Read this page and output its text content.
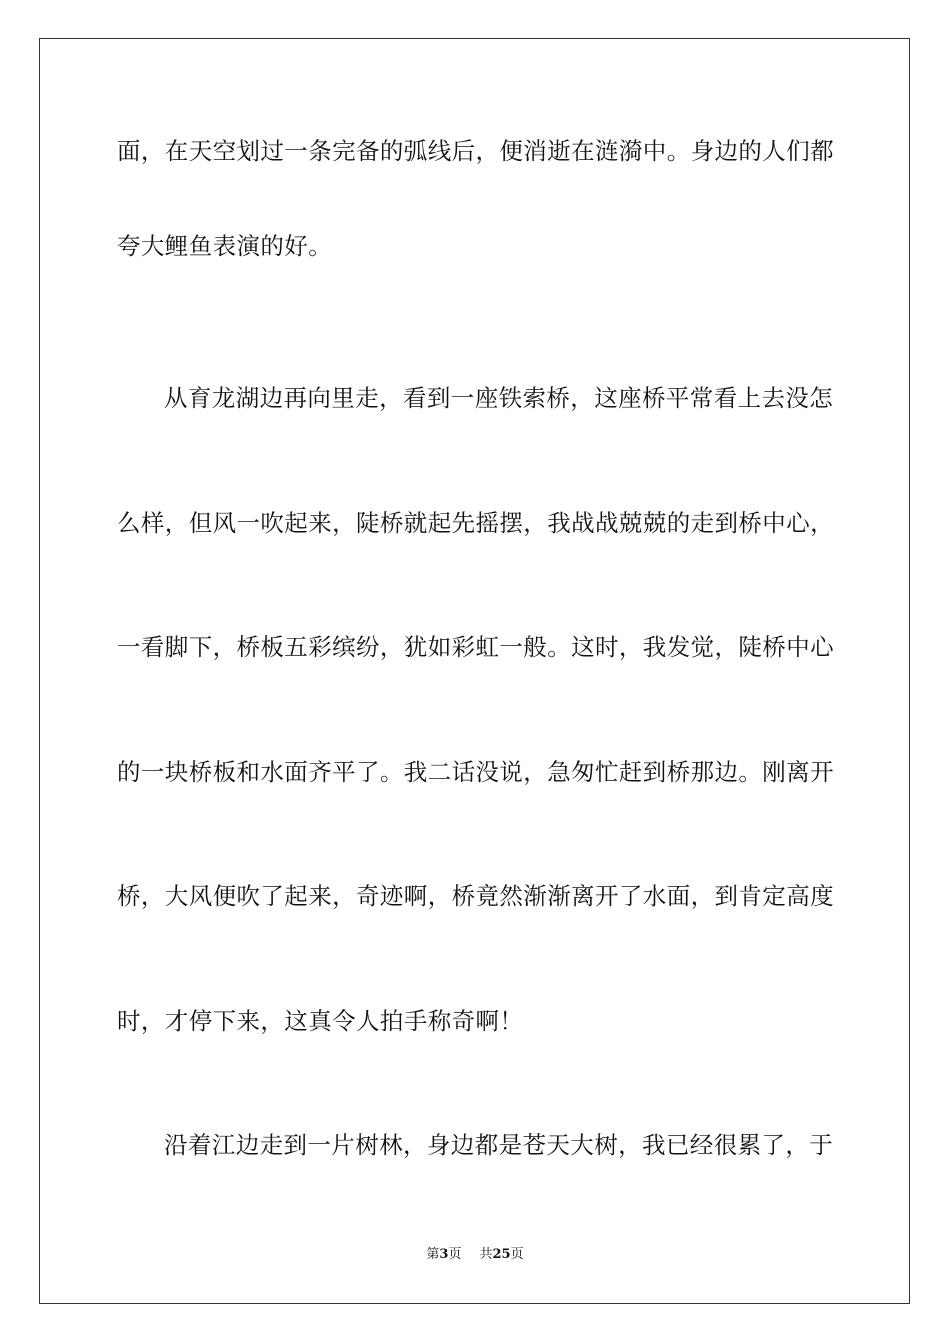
面，在天空划过一条完备的弧线后，便消逝在涟漪中。身边的人们都
夸大鲤鱼表演的好。
从育龙湖边再向里走，看到一座铁索桥，这座桥平常看上去没怎
么样，但风一吹起来，陡桥就起先摇摆，我战战兢兢的走到桥中心，
一看脚下，桥板五彩缤纷，犹如彩虹一般。这时，我发觉，陡桥中心
的一块桥板和水面齐平了。我二话没说，急匆忙赶到桥那边。刚离开
桥，大风便吹了起来，奇迹啊，桥竟然渐渐离开了水面，到肯定高度
时，才停下来，这真令人拍手称奇啊！
沿着江边走到一片树林，身边都是苍天大树，我已经很累了，于
第3页 共25页
